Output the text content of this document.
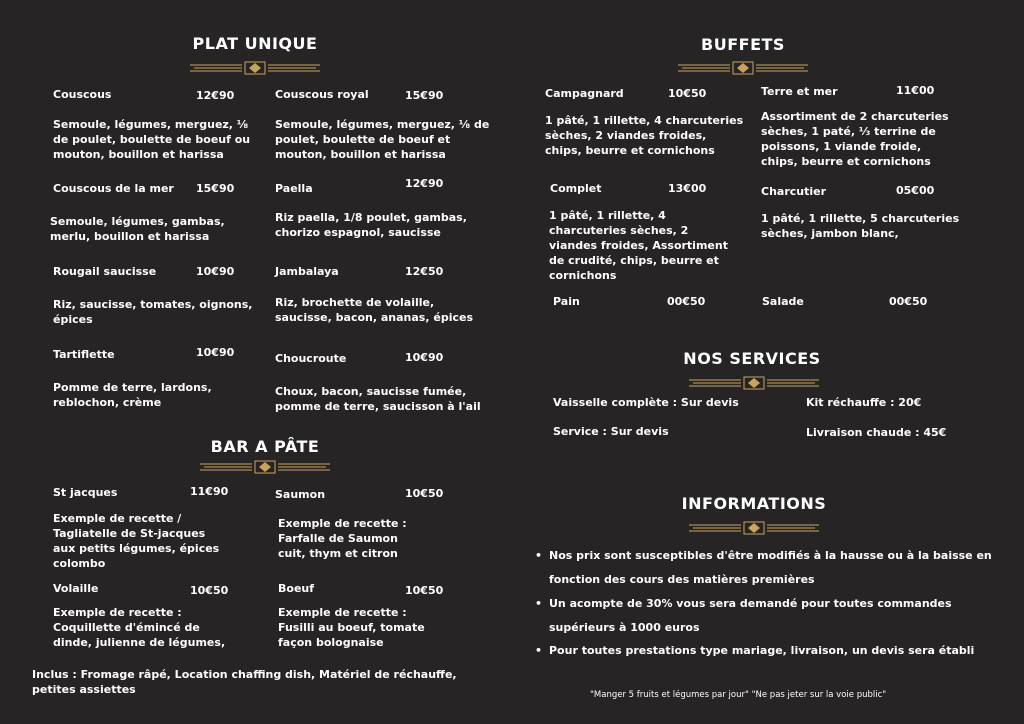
PLAT UNIQUE
Couscous	12€90
Semoule, légumes, merguez, ⅛ de poulet, boulette de boeuf ou mouton, bouillon et harissa
Couscous royal	15€90
Semoule, légumes, merguez, ⅛ de poulet, boulette de boeuf et mouton, bouillon et harissa
Couscous de la mer 15€90
Semoule, légumes, gambas, merlu, bouillon et harissa
Paella	12€90
Riz paella, 1/8 poulet, gambas, chorizo espagnol, saucisse
Rougail saucisse	10€90
Riz, saucisse, tomates, oignons, épices
Jambalaya	12€50
Riz, brochette de volaille, saucisse, bacon, ananas, épices
Tartiflette	10€90
Pomme de terre, lardons, reblochon, crème
Choucroute	10€90
Choux, bacon, saucisse fumée, pomme de terre, saucisson à l'ail
BAR A PÂTE
St jacques	11€90
Exemple de recette / Tagliatelle de St-jacques aux petits légumes, épices colombo
Saumon	10€50
Exemple de recette : Farfalle de Saumon cuit, thym et citron
Volaille	10€50
Exemple de recette : Coquillette d'émincé de dinde, julienne de légumes,
Boeuf	10€50
Exemple de recette : Fusilli au boeuf, tomate façon bolognaise
Inclus : Fromage râpé, Location chaffing dish, Matériel de réchauffe, petites assiettes
BUFFETS
Campagnard	10€50
1 pâté, 1 rillette, 4 charcuteries sèches, 2 viandes froides, chips, beurre et cornichons
Terre et mer	11€00
Assortiment de 2 charcuteries sèches, 1 paté, ⅓ terrine de poissons, 1 viande froide, chips, beurre et cornichons
Complet	13€00
1 pâté, 1 rillette, 4 charcuteries sèches, 2 viandes froides, Assortiment de crudité, chips, beurre et cornichons
Charcutier	05€00
1 pâté, 1 rillette, 5 charcuteries sèches, jambon blanc,
Pain	00€50	Salade	00€50
NOS SERVICES
Vaisselle complète : Sur devis	Kit réchauffe : 20€
Service : Sur devis	Livraison chaude : 45€
INFORMATIONS
• Nos prix sont susceptibles d'être modifiés à la hausse ou à la baisse en fonction des cours des matières premières
• Un acompte de 30% vous sera demandé pour toutes commandes supérieurs à 1000 euros
• Pour toutes prestations type mariage, livraison, un devis sera établi
"Manger 5 fruits et légumes par jour" "Ne pas jeter sur la voie public"
